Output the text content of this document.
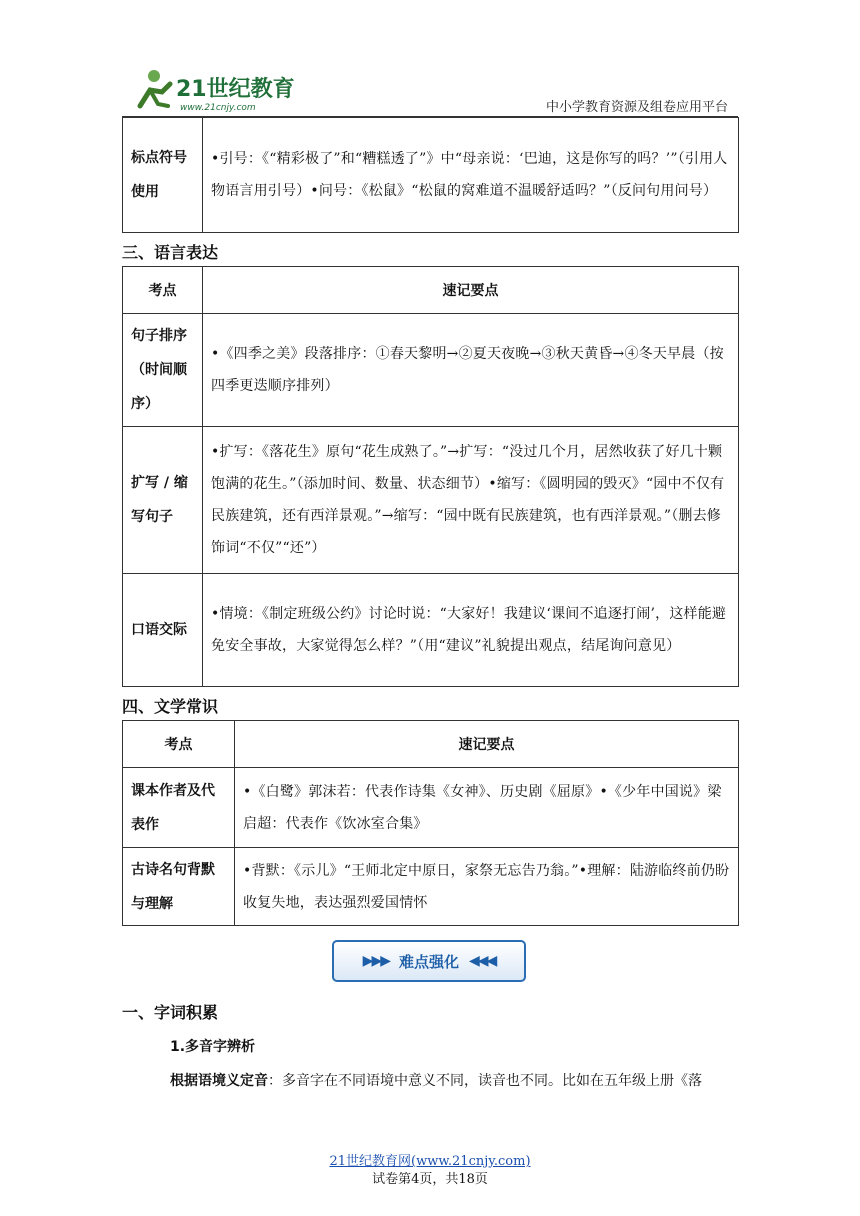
21世纪教育
www.21cnjy.com	中小学教育资源及组卷应用平台
标点符号使用	•引号：《“精彩极了”和“糟糕透了”》中“母亲说：‘巴迪，这是你写的吗？’”（引用人物语言用引号）•问号：《松鼠》“松鼠的窝难道不温暖舒适吗？”（反问句用问号）
三、语言表达
考点	速记要点
句子排序（时间顺序）	•《四季之美》段落排序：①春天黎明→②夏天夜晚→③秋天黄昏→④冬天早晨（按四季更迭顺序排列）
扩写 / 缩写句子	•扩写：《落花生》原句“花生成熟了。”→扩写：“没过几个月，居然收获了好几十颗饱满的花生。”（添加时间、数量、状态细节）•缩写：《圆明园的毁灭》“园中不仅有民族建筑，还有西洋景观。”→缩写：“园中既有民族建筑，也有西洋景观。”（删去修饰词“不仅”“还”）
口语交际	•情境：《制定班级公约》讨论时说：“大家好！我建议‘课间不追逐打闹’，这样能避免安全事故，大家觉得怎么样？”（用“建议”礼貌提出观点，结尾询问意见）
四、文学常识
考点	速记要点
课本作者及代表作	•《白鹭》郭沫若：代表作诗集《女神》、历史剧《屈原》•《少年中国说》梁启超：代表作《饮冰室合集》
古诗名句背默与理解	•背默：《示儿》“王师北定中原日，家祭无忘告乃翁。”•理解：陆游临终前仍盼收复失地，表达强烈爱国情怀
▶▶▶ 难点强化 ◀◀◀
一、字词积累
1.多音字辨析
根据语境义定音：多音字在不同语境中意义不同，读音也不同。比如在五年级上册《落
21世纪教育网(www.21cnjy.com)
试卷第4页，共18页
